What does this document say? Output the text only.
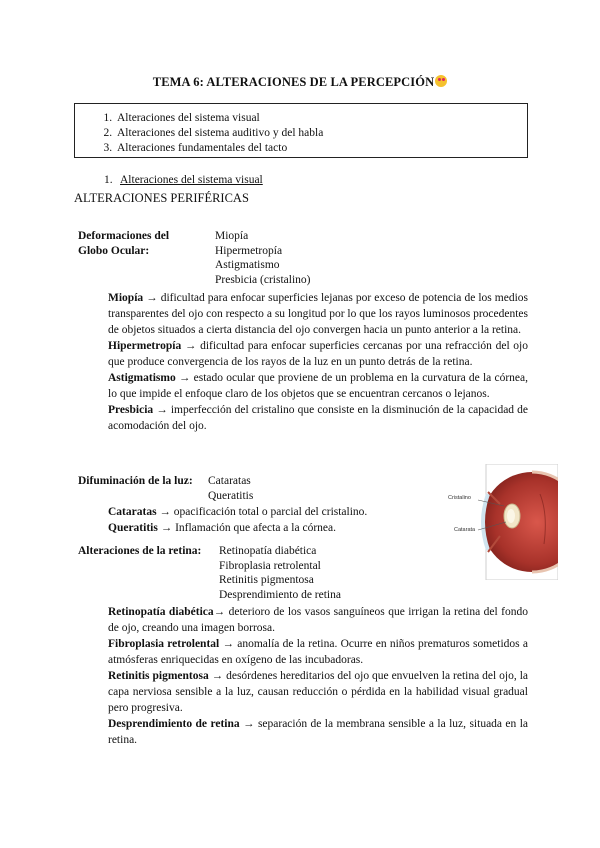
TEMA 6: ALTERACIONES DE LA PERCEPCIÓN
1. Alteraciones del sistema visual
2. Alteraciones del sistema auditivo y del habla
3. Alteraciones fundamentales del tacto
1. Alteraciones del sistema visual
ALTERACIONES PERIFÉRICAS
Deformaciones del
Globo Ocular:
Miopía
Hipermetropía
Astigmatismo
Presbicia (cristalino)
Miopía → dificultad para enfocar superficies lejanas por exceso de potencia de los medios transparentes del ojo con respecto a su longitud por lo que los rayos luminosos procedentes de objetos situados a cierta distancia del ojo convergen hacia un punto anterior a la retina.
Hipermetropía → dificultad para enfocar superficies cercanas por una refracción del ojo que produce convergencia de los rayos de la luz en un punto detrás de la retina.
Astigmatismo → estado ocular que proviene de un problema en la curvatura de la córnea, lo que impide el enfoque claro de los objetos que se encuentran cercanos o lejanos.
Presbicia → imperfección del cristalino que consiste en la disminución de la capacidad de acomodación del ojo.
Difuminación de la luz: Cataratas
Queratitis	Cristalino
Catarata
Cataratas → opacificación total o parcial del cristalino.
Queratitis → Inflamación que afecta a la córnea.
Alteraciones de la retina: Retinopatía diabética
Fibroplasia retrolental
Retinitis pigmentosa
Desprendimiento de retina
Retinopatía diabética→ deterioro de los vasos sanguíneos que irrigan la retina del fondo de ojo, creando una imagen borrosa.
Fibroplasia retrolental → anomalía de la retina. Ocurre en niños prematuros sometidos a atmósferas enriquecidas en oxígeno de las incubadoras.
Retinitis pigmentosa → desórdenes hereditarios del ojo que envuelven la retina del ojo, la capa nerviosa sensible a la luz, causan reducción o pérdida en la habilidad visual gradual pero progresiva.
Desprendimiento de retina → separación de la membrana sensible a la luz, situada en la retina.
